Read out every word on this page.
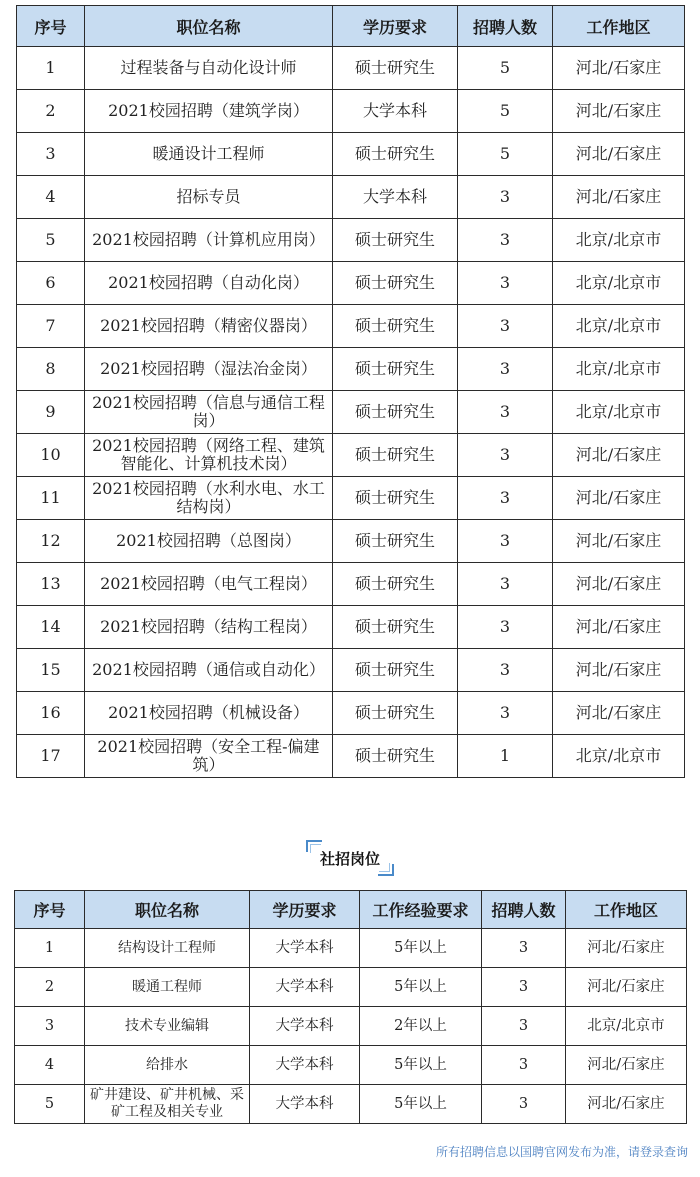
序号	职位名称	学历要求	招聘人数	工作地区
1	过程装备与自动化设计师	硕士研究生	5	河北/石家庄
2	2021校园招聘（建筑学岗）	大学本科	5	河北/石家庄
3	暖通设计工程师	硕士研究生	5	河北/石家庄
4	招标专员	大学本科	3	河北/石家庄
5	2021校园招聘（计算机应用岗）	硕士研究生	3	北京/北京市
6	2021校园招聘（自动化岗）	硕士研究生	3	北京/北京市
7	2021校园招聘（精密仪器岗）	硕士研究生	3	北京/北京市
8	2021校园招聘（湿法冶金岗）	硕士研究生	3	北京/北京市
9	2021校园招聘（信息与通信工程岗）	硕士研究生	3	北京/北京市
10	2021校园招聘（网络工程、建筑智能化、计算机技术岗）	硕士研究生	3	河北/石家庄
11	2021校园招聘（水利水电、水工结构岗）	硕士研究生	3	河北/石家庄
12	2021校园招聘（总图岗）	硕士研究生	3	河北/石家庄
13	2021校园招聘（电气工程岗）	硕士研究生	3	河北/石家庄
14	2021校园招聘（结构工程岗）	硕士研究生	3	河北/石家庄
15	2021校园招聘（通信或自动化）	硕士研究生	3	河北/石家庄
16	2021校园招聘（机械设备）	硕士研究生	3	河北/石家庄
17	2021校园招聘（安全工程-偏建筑）	硕士研究生	1	北京/北京市
社招岗位
序号	职位名称	学历要求	工作经验要求	招聘人数	工作地区
1	结构设计工程师	大学本科	5年以上	3	河北/石家庄
2	暖通工程师	大学本科	5年以上	3	河北/石家庄
3	技术专业编辑	大学本科	2年以上	3	北京/北京市
4	给排水	大学本科	5年以上	3	河北/石家庄
5	矿井建设、矿井机械、采矿工程及相关专业	大学本科	5年以上	3	河北/石家庄
所有招聘信息以国聘官网发布为准，请登录查询
